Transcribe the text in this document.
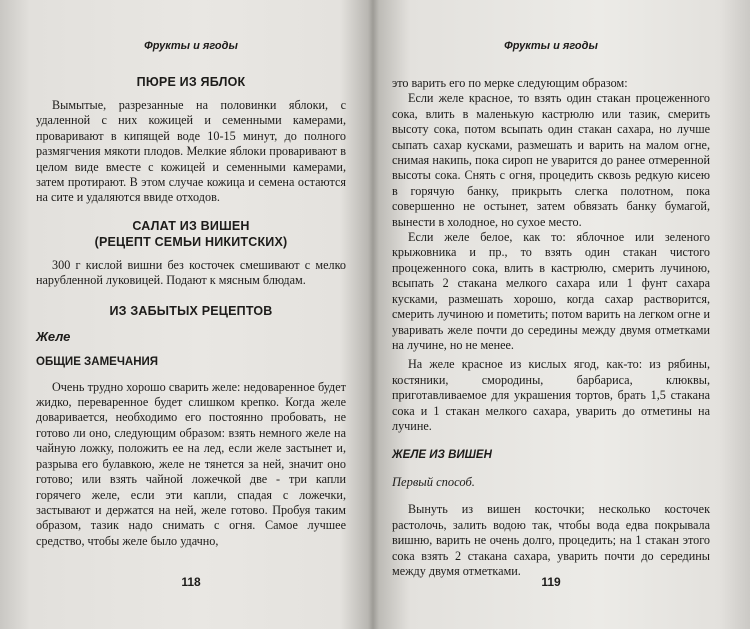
Фрукты и ягоды
ПЮРЕ ИЗ ЯБЛОК

Вымытые, разрезанные на половинки яблоки, с удаленной с них кожицей и семенными камерами, проваривают в кипящей воде 10-15 минут, до полного размягчения мякоти плодов. Мелкие яблоки проваривают в целом виде вместе с кожицей и семенными камерами, затем протирают. В этом случае кожица и семена остаются на сите и удаляются ввиде отходов.

САЛАТ ИЗ ВИШЕН
(РЕЦЕПТ СЕМЬИ НИКИТСКИХ)

300 г кислой вишни без косточек смешивают с мелко нарубленной луковицей. Подают к мясным блюдам.

ИЗ ЗАБЫТЫХ РЕЦЕПТОВ
Желе
ОБЩИЕ ЗАМЕЧАНИЯ

Очень трудно хорошо сварить желе: недоваренное будет жидко, переваренное будет слишком крепко. Когда желе доваривается, необходимо его постоянно пробовать, не готово ли оно, следующим образом: взять немного желе на чайную ложку, положить ее на лед, если желе застынет и, разрыва его булавкою, желе не тянется за ней, значит оно готово; или взять чайной ложечкой две - три капли горячего желе, если эти капли, спадая с ложечки, застывают и держатся на ней, желе готово. Пробуя таким образом, тазик надо снимать с огня. Самое лучшее средство, чтобы желе было удачно,

118
Фрукты и ягоды

это варить его по мерке следующим образом:

Если желе красное, то взять один стакан процеженного сока, влить в маленькую кастрюлю или тазик, смерить высоту сока, потом всыпать один стакан сахара, но лучше сыпать сахар кусками, размешать и варить на малом огне, снимая накипь, пока сироп не уварится до ранее отмеренной высоты сока. Снять с огня, процедить сквозь редкую кисею в горячую банку, прикрыть слегка полотном, пока совершенно не остынет, затем обвязать банку бумагой, вынести в холодное, но сухое место.

Если желе белое, как то: яблочное или зеленого крыжовника и пр., то взять один стакан чистого процеженного сока, влить в кастрюлю, смерить лучиною, всыпать 2 стакана мелкого сахара или 1 фунт сахара кусками, размешать хорошо, когда сахар растворится, смерить лучиною и пометить; потом варить на легком огне и уваривать желе почти до середины между двумя отметками на лучине, но не менее.

На желе красное из кислых ягод, как-то: из рябины, костяники, смородины, барбариса, клюквы, приготавливаемое для украшения тортов, брать 1,5 стакана сока и 1 стакан мелкого сахара, уварить до отметины на лучине.

ЖЕЛЕ ИЗ ВИШЕН
Первый способ.

Вынуть из вишен косточки; несколько косточек растолочь, залить водою так, чтобы вода едва покрывала вишню, варить не очень долго, процедить; на 1 стакан этого сока взять 2 стакана сахара, уварить почти до середины между двумя отметками.

119
